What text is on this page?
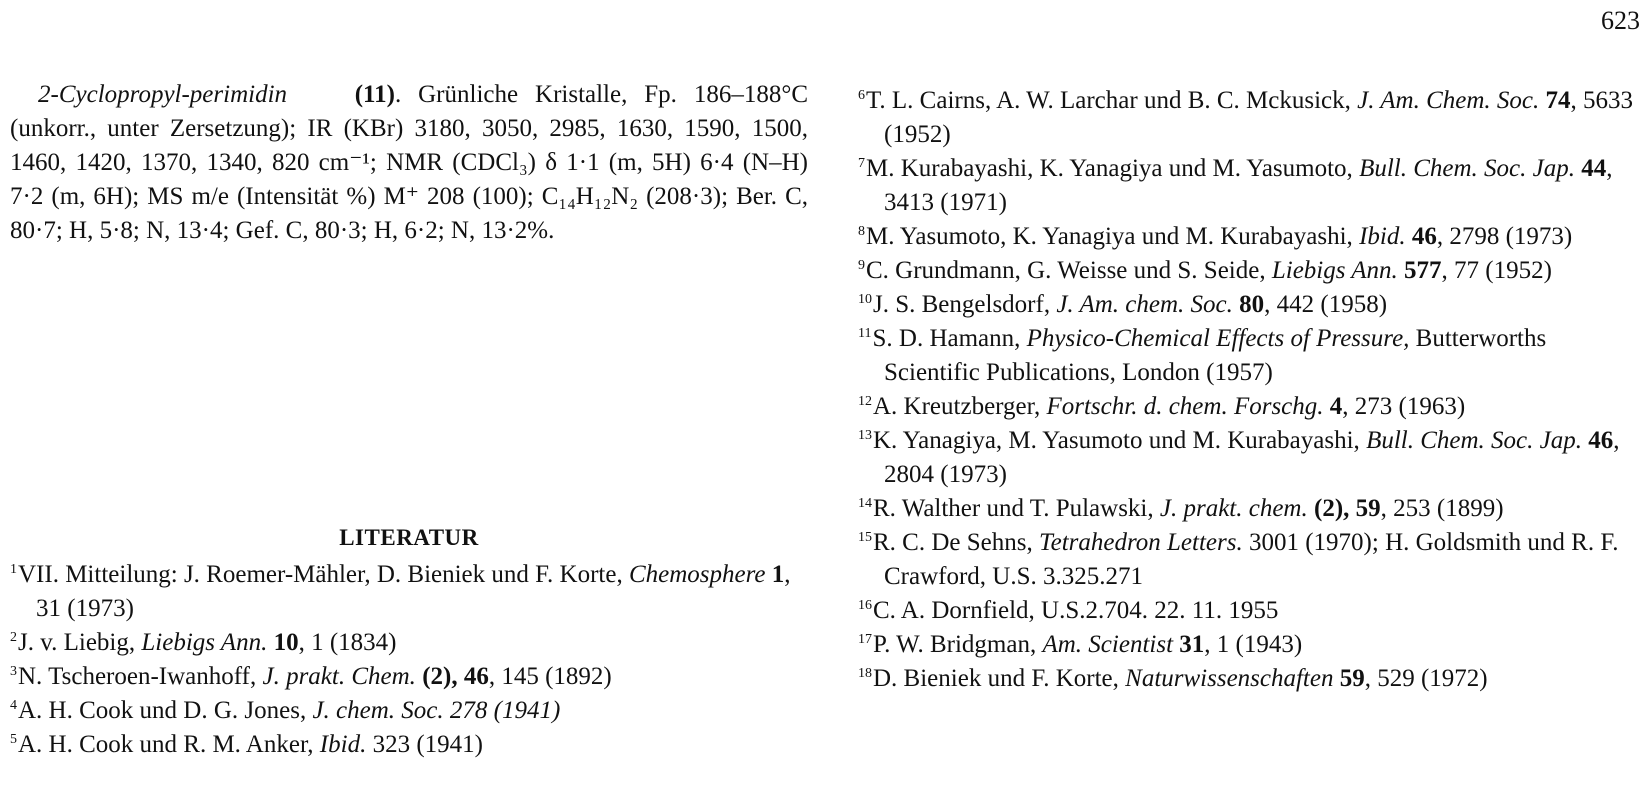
623

2-Cyclopropyl-perimidin	(11). Grünliche Kristalle, Fp. 186–188°C (unkorr., unter Zersetzung); IR (KBr) 3180, 3050, 2985, 1630, 1590, 1500, 1460, 1420, 1370, 1340, 820 cm⁻¹; NMR (CDCl₃) δ 1·1 (m, 5H) 6·4 (N–H) 7·2 (m, 6H); MS m/e (Intensität %) M⁺ 208 (100); C₁₄H₁₂N₂ (208·3); Ber. C, 80·7; H, 5·8; N, 13·4; Gef. C, 80·3; H, 6·2; N, 13·2%.

LITERATUR
$^1$VII. Mitteilung: J. Roemer-Mähler, D. Bieniek und F. Korte, Chemosphere 1, 31 (1973)
$^2$J. v. Liebig, Liebigs Ann. 10, 1 (1834)
$^3$N. Tscheroen-Iwanhoff, J. prakt. Chem. (2), 46, 145 (1892)
$^4$A. H. Cook und D. G. Jones, J. chem. Soc. 278 (1941)
$^5$A. H. Cook und R. M. Anker, Ibid. 323 (1941)
$^6$T. L. Cairns, A. W. Larchar und B. C. Mckusick, J. Am. Chem. Soc. 74, 5633 (1952)
$^7$M. Kurabayashi, K. Yanagiya und M. Yasumoto, Bull. Chem. Soc. Jap. 44, 3413 (1971)
$^8$M. Yasumoto, K. Yanagiya und M. Kurabayashi, Ibid. 46, 2798 (1973)
$^9$C. Grundmann, G. Weisse und S. Seide, Liebigs Ann. 577, 77 (1952)
$^{10}$J. S. Bengelsdorf, J. Am. chem. Soc. 80, 442 (1958)
$^{11}$S. D. Hamann, Physico-Chemical Effects of Pressure, Butterworths Scientific Publications, London (1957)
$^{12}$A. Kreutzberger, Fortschr. d. chem. Forschg. 4, 273 (1963)
$^{13}$K. Yanagiya, M. Yasumoto und M. Kurabayashi, Bull. Chem. Soc. Jap. 46, 2804 (1973)
$^{14}$R. Walther und T. Pulawski, J. prakt. chem. (2), 59, 253 (1899)
$^{15}$R. C. De Sehns, Tetrahedron Letters. 3001 (1970); H. Goldsmith und R. F. Crawford, U.S. 3.325.271
$^{16}$C. A. Dornfield, U.S.2.704. 22. 11. 1955
$^{17}$P. W. Bridgman, Am. Scientist 31, 1 (1943)
$^{18}$D. Bieniek und F. Korte, Naturwissenschaften 59, 529 (1972)
